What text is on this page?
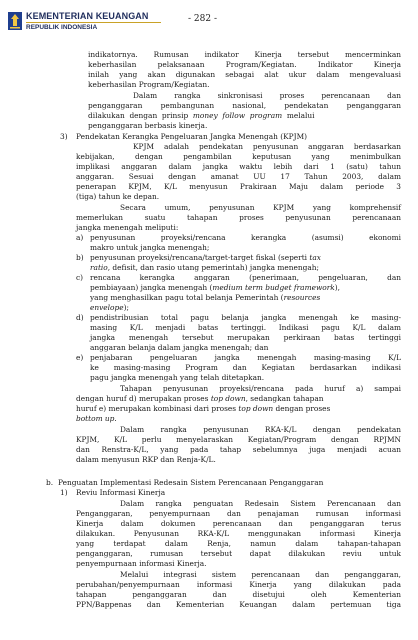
KEMENTERIAN KEUANGAN
REPUBLIK INDONESIA
- 282 -
indikatornya. Rumusan indikator Kinerja tersebut mencerminkan
keberhasilan pelaksanaan Program/Kegiatan. Indikator Kinerja
inilah yang akan digunakan sebagai alat ukur dalam mengevaluasi
keberhasilan Program/Kegiatan.
Dalam rangka sinkronisasi proses perencanaan dan
penganggaran pembangunan nasional, pendekatan penganggaran
dilakukan  dengan  prinsip  money  follow  program  melalui
penganggaran berbasis kinerja.
3) Pendekatan Kerangka Pengeluaran Jangka Menengah (KPJM)
KPJM adalah pendekatan penyusunan anggaran berdasarkan
kebijakan, dengan pengambilan keputusan yang menimbulkan
implikasi anggaran dalam jangka waktu lebih dari 1 (satu) tahun
anggaran. Sesuai dengan amanat UU 17 Tahun 2003, dalam
penerapan KPJM, K/L menyusun Prakiraan Maju dalam periode 3
(tiga) tahun ke depan.
Secara umum, penyusunan KPJM yang komprehensif
memerlukan suatu tahapan proses penyusunan perencanaan
jangka menengah meliputi:
a) penyusunan proyeksi/rencana kerangka (asumsi) ekonomi
makro untuk jangka menengah;
b) penyusunan proyeksi/rencana/target-target fiskal (seperti tax
ratio, defisit, dan rasio utang pemerintah) jangka menengah;
c) rencana kerangka anggaran (penerimaan, pengeluaran, dan
pembiayaan) jangka menengah (medium term budget framework),
yang menghasilkan pagu total belanja Pemerintah (resources
envelope);
d) pendistribusian total pagu belanja jangka menengah ke masing-
masing K/L menjadi batas tertinggi. Indikasi pagu K/L dalam
jangka menengah tersebut merupakan perkiraan batas tertinggi
anggaran belanja dalam jangka menengah; dan
e) penjabaran pengeluaran jangka menengah masing-masing K/L
ke masing-masing Program dan Kegiatan berdasarkan indikasi
pagu jangka menengah yang telah ditetapkan.
Tahapan penyusunan proyeksi/rencana pada huruf a) sampai
dengan huruf d) merupakan proses top down, sedangkan tahapan
huruf e) merupakan kombinasi dari proses top down dengan proses
bottom up.
Dalam rangka penyusunan RKA-K/L dengan pendekatan
KPJM, K/L perlu menyelaraskan Kegiatan/Program dengan RPJMN
dan Renstra-K/L, yang pada tahap sebelumnya juga menjadi acuan
dalam menyusun RKP dan Renja-K/L.
b. Penguatan Implementasi Redesain Sistem Perencanaan Penganggaran
1) Reviu Informasi Kinerja
Dalam rangka penguatan Redesain Sistem Perencanaan dan
Penganggaran, penyempurnaan dan penajaman rumusan informasi
Kinerja dalam dokumen perencanaan dan penganggaran terus
dilakukan. Penyusunan RKA-K/L menggunakan informasi Kinerja
yang terdapat dalam Renja, namun dalam tahapan-tahapan
penganggaran, rumusan tersebut dapat dilakukan reviu untuk
penyempurnaan informasi Kinerja.
Melalui integrasi sistem perencanaan dan penganggaran,
perubahan/penyempurnaan informasi Kinerja yang dilakukan pada
tahapan penganggaran dan disetujui oleh Kementerian
PPN/Bappenas dan Kementerian Keuangan dalam pertemuan tiga
